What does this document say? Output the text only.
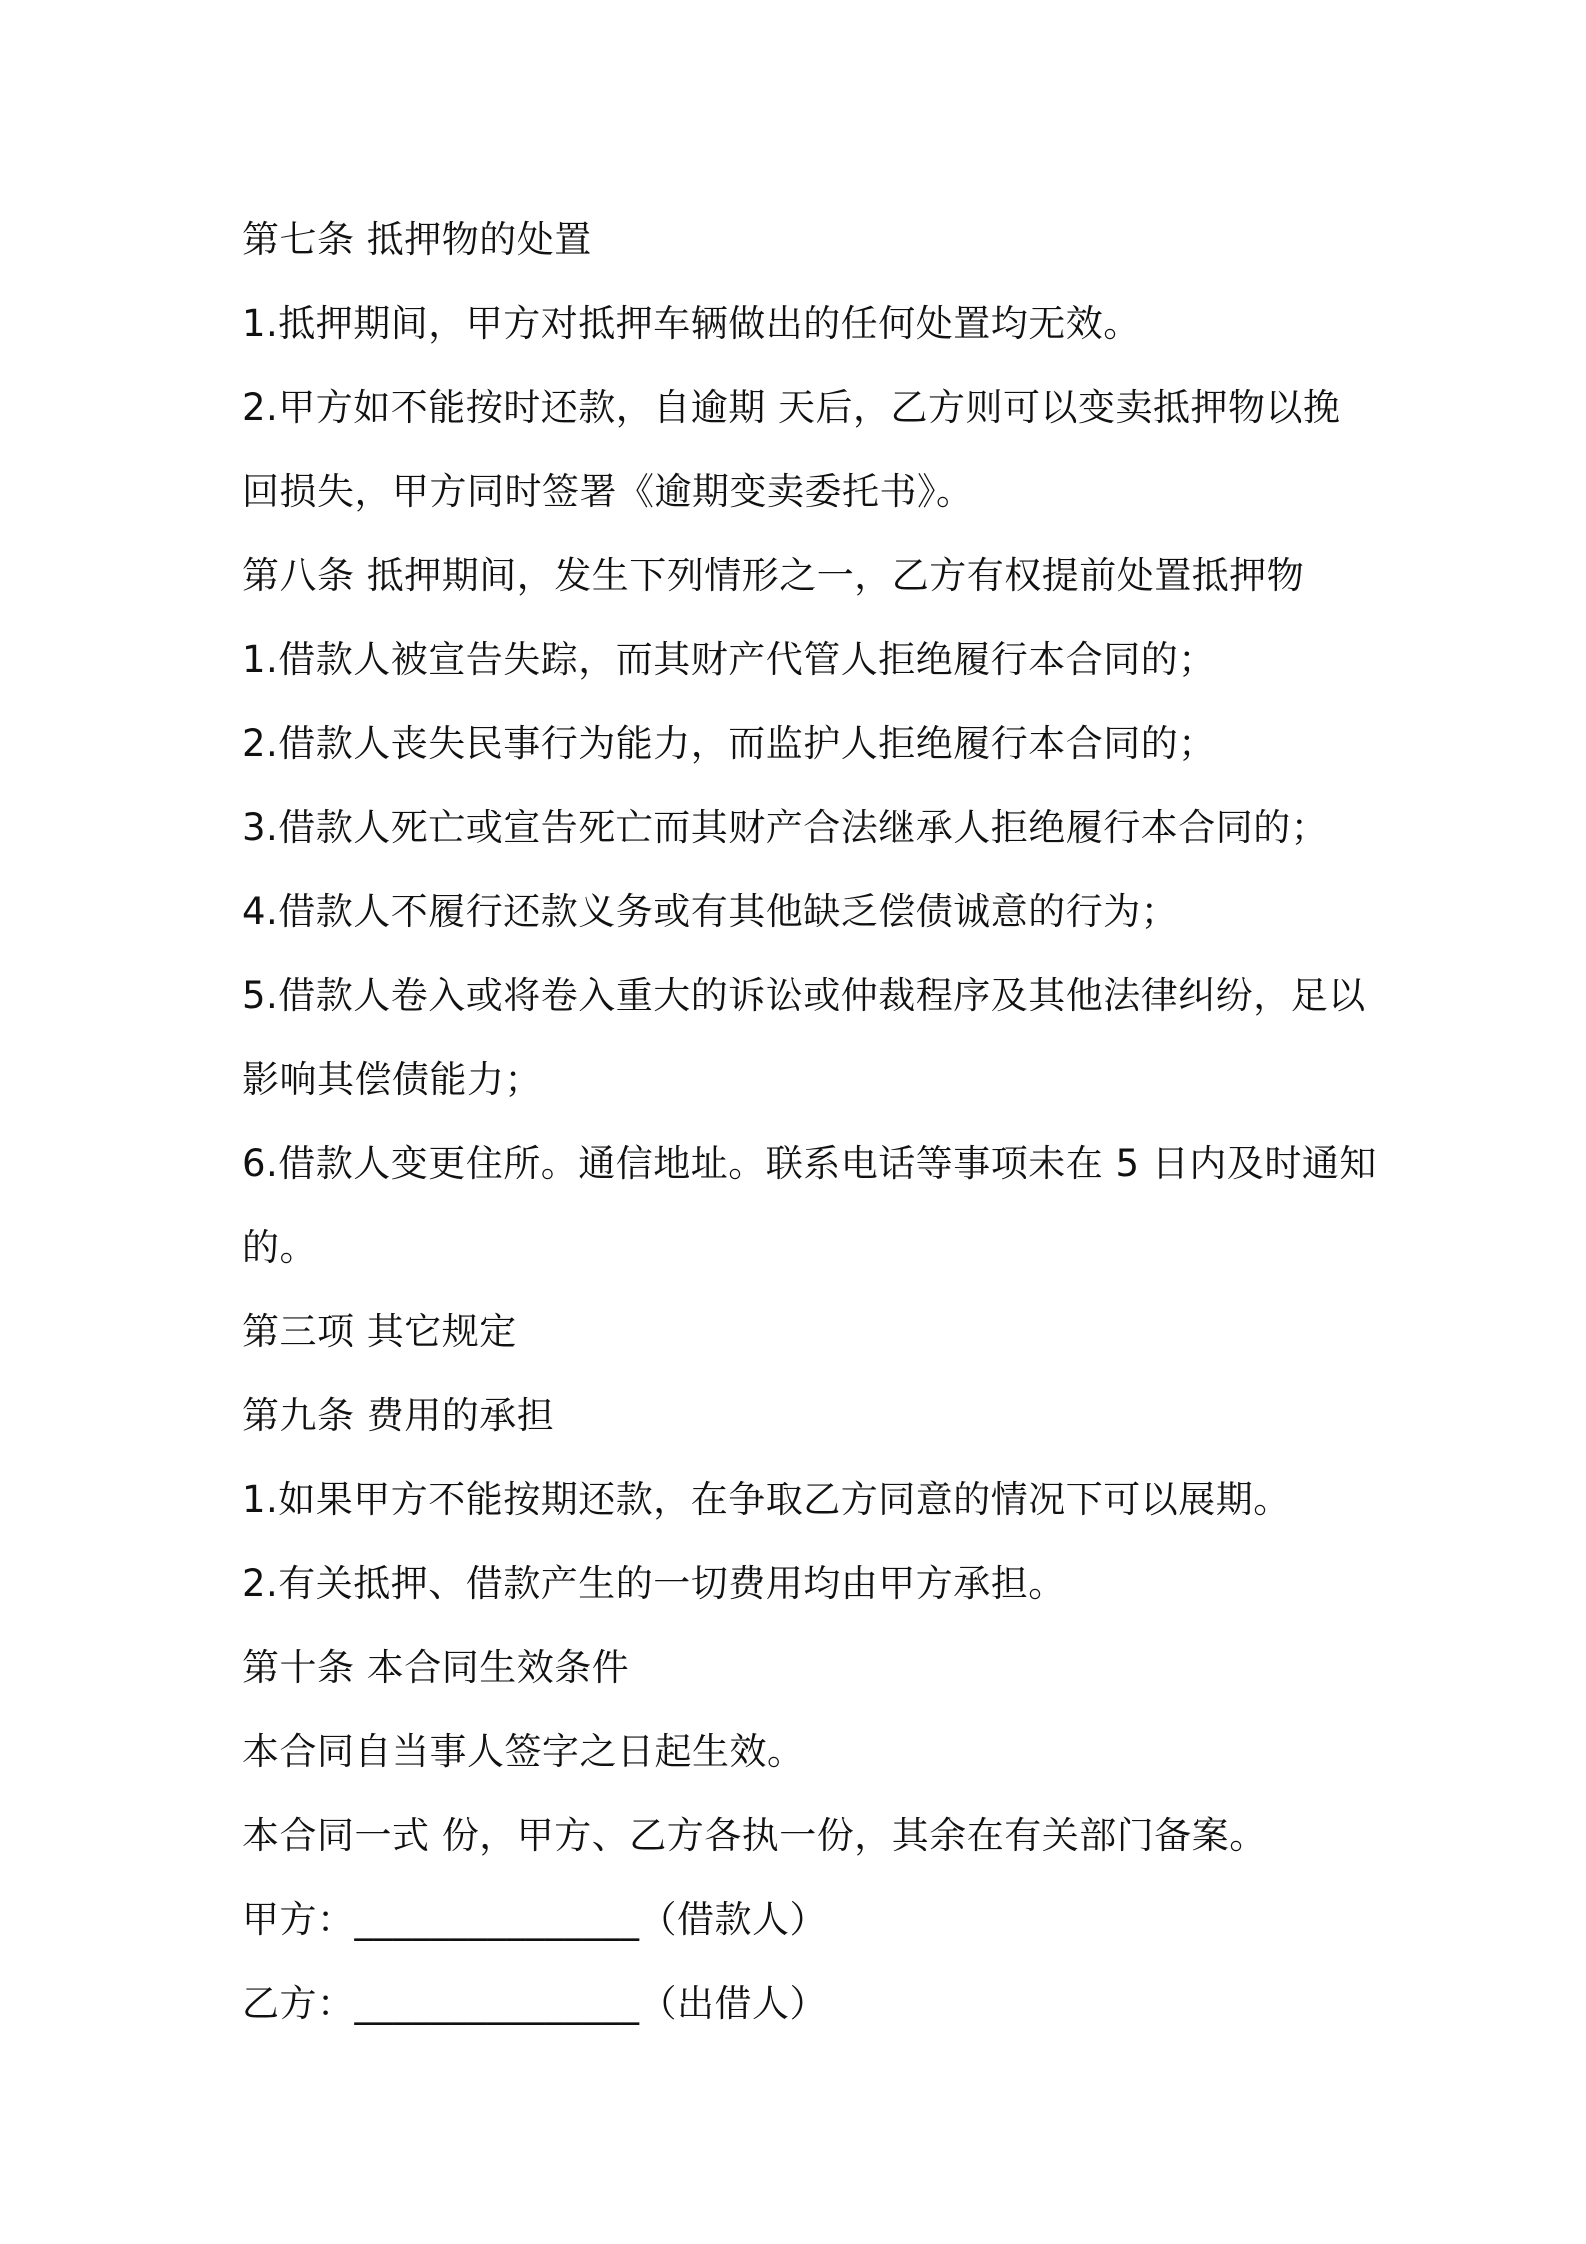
第七条 抵押物的处置
1.抵押期间，甲方对抵押车辆做出的任何处置均无效。
2.甲方如不能按时还款，自逾期 天后，乙方则可以变卖抵押物以挽
回损失，甲方同时签署《逾期变卖委托书》。
第八条 抵押期间，发生下列情形之一，乙方有权提前处置抵押物
1.借款人被宣告失踪，而其财产代管人拒绝履行本合同的；
2.借款人丧失民事行为能力，而监护人拒绝履行本合同的；
3.借款人死亡或宣告死亡而其财产合法继承人拒绝履行本合同的；
4.借款人不履行还款义务或有其他缺乏偿债诚意的行为；
5.借款人卷入或将卷入重大的诉讼或仲裁程序及其他法律纠纷，足以
影响其偿债能力；
6.借款人变更住所。通信地址。联系电话等事项未在 5 日内及时通知
的。
第三项 其它规定
第九条 费用的承担
1.如果甲方不能按期还款，在争取乙方同意的情况下可以展期。
2.有关抵押、借款产生的一切费用均由甲方承担。
第十条 本合同生效条件
本合同自当事人签字之日起生效。
本合同一式 份，甲方、乙方各执一份，其余在有关部门备案。
甲方： _______________ （借款人）
乙方： _______________ （出借人）
